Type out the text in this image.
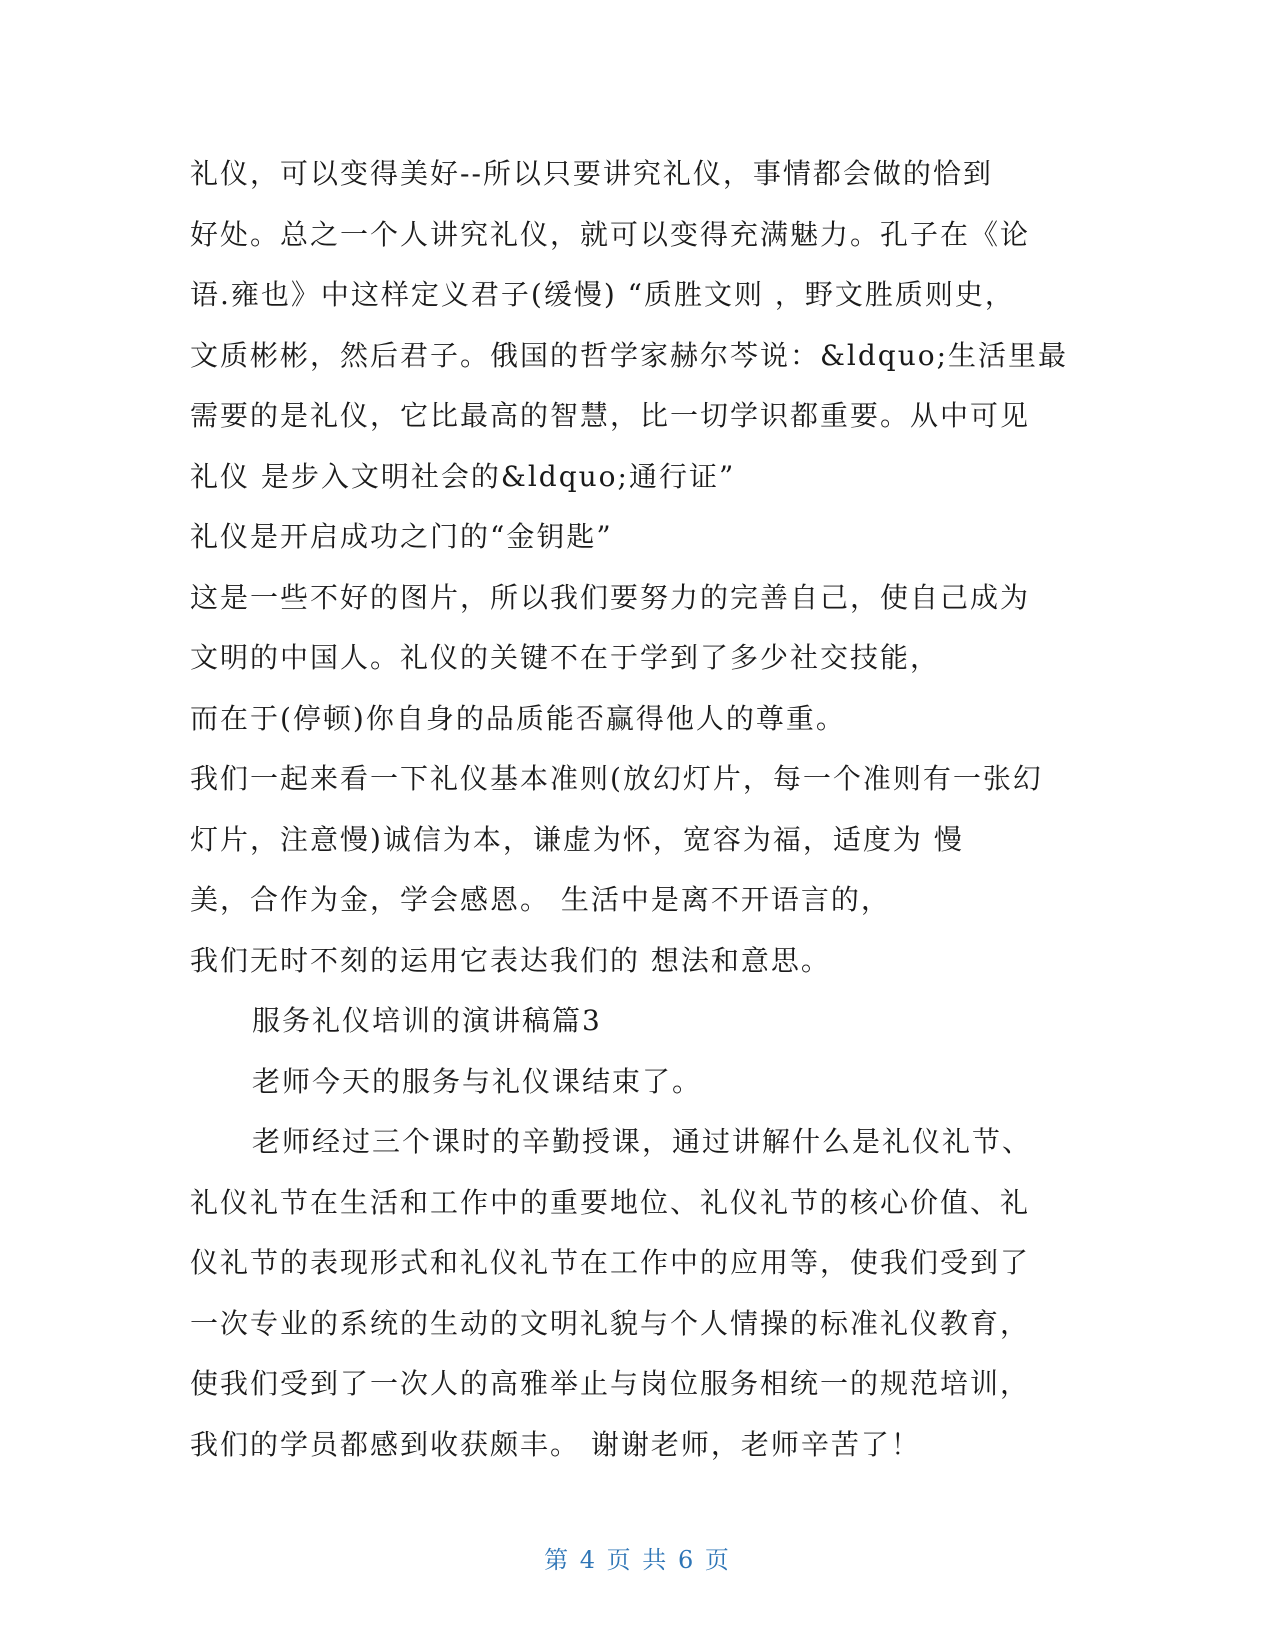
礼仪，可以变得美好--所以只要讲究礼仪，事情都会做的恰到
好处。总之一个人讲究礼仪，就可以变得充满魅力。孔子在《论
语.雍也》中这样定义君子(缓慢) “质胜文则 ，野文胜质则史，
文质彬彬，然后君子。俄国的哲学家赫尔芩说：&ldquo;生活里最
需要的是礼仪，它比最高的智慧，比一切学识都重要。从中可见
礼仪 是步入文明社会的&ldquo;通行证”
礼仪是开启成功之门的“金钥匙”
这是一些不好的图片，所以我们要努力的完善自己，使自己成为
文明的中国人。礼仪的关键不在于学到了多少社交技能，
而在于(停顿)你自身的品质能否赢得他人的尊重。
我们一起来看一下礼仪基本准则(放幻灯片，每一个准则有一张幻
灯片，注意慢)诚信为本，谦虚为怀，宽容为福，适度为 慢
美，合作为金，学会感恩。 生活中是离不开语言的，
我们无时不刻的运用它表达我们的 想法和意思。
服务礼仪培训的演讲稿篇3
老师今天的服务与礼仪课结束了。
老师经过三个课时的辛勤授课，通过讲解什么是礼仪礼节、
礼仪礼节在生活和工作中的重要地位、礼仪礼节的核心价值、礼
仪礼节的表现形式和礼仪礼节在工作中的应用等，使我们受到了
一次专业的系统的生动的文明礼貌与个人情操的标准礼仪教育，
使我们受到了一次人的高雅举止与岗位服务相统一的规范培训，
我们的学员都感到收获颇丰。 谢谢老师，老师辛苦了！
第 4 页 共 6 页
